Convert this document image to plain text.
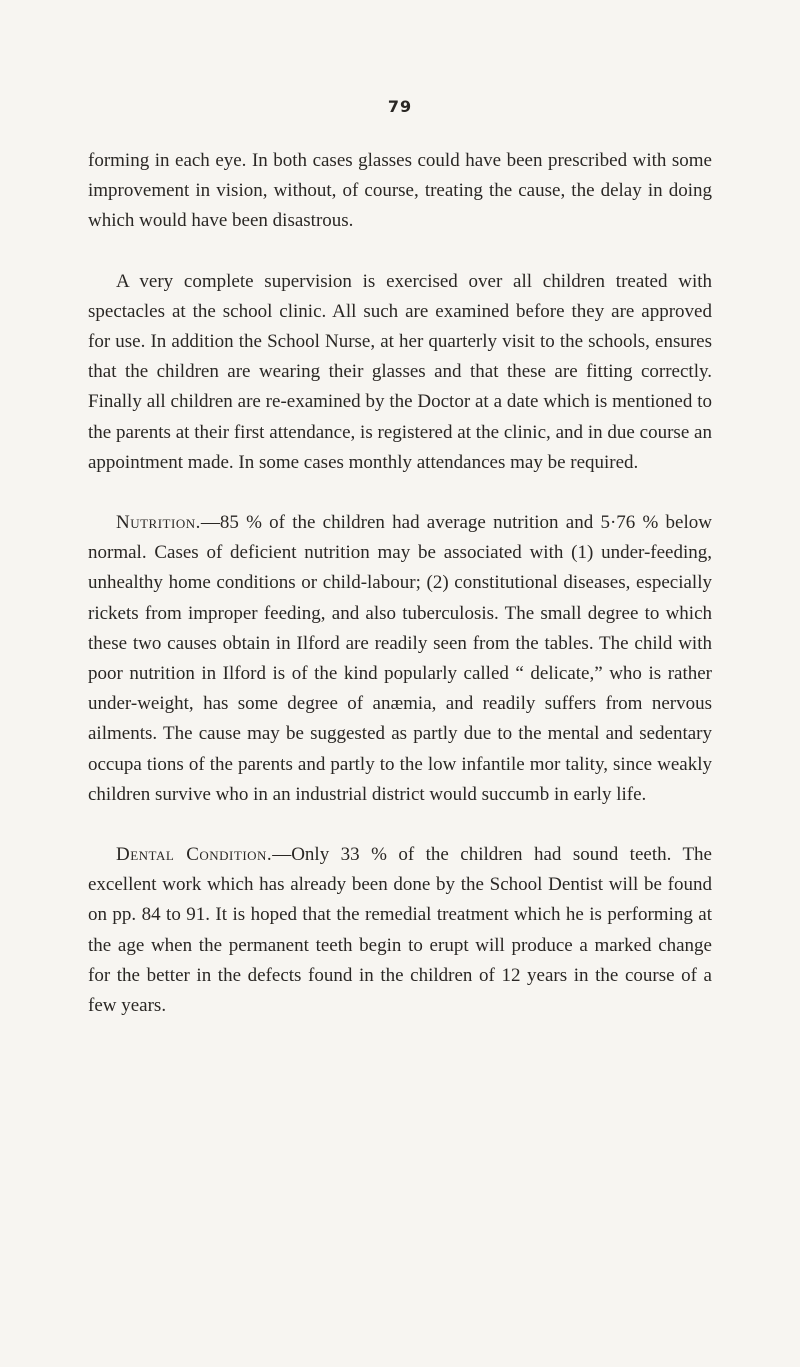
79

forming in each eye. In both cases glasses could have been prescribed with some improvement in vision, without, of course, treating the cause, the delay in doing which would have been disastrous.

A very complete supervision is exercised over all children treated with spectacles at the school clinic. All such are examined before they are approved for use. In addition the School Nurse, at her quarterly visit to the schools, ensures that the children are wearing their glasses and that these are fitting correctly. Finally all children are re-examined by the Doctor at a date which is mentioned to the parents at their first attendance, is registered at the clinic, and in due course an appointment made. In some cases monthly attendances may be required.

Nutrition.—85 % of the children had average nutrition and 5·76 % below normal. Cases of deficient nutrition may be associated with (1) under-feeding, unhealthy home conditions or child-labour; (2) constitutional diseases, especially rickets from improper feeding, and also tuberculosis. The small degree to which these two causes obtain in Ilford are readily seen from the tables. The child with poor nutrition in Ilford is of the kind popularly called “ delicate,” who is rather under-weight, has some degree of anæmia, and readily suffers from nervous ailments. The cause may be suggested as partly due to the mental and sedentary occupa tions of the parents and partly to the low infantile mor tality, since weakly children survive who in an industrial district would succumb in early life.

Dental Condition.—Only 33 % of the children had sound teeth. The excellent work which has already been done by the School Dentist will be found on pp. 84 to 91. It is hoped that the remedial treatment which he is performing at the age when the permanent teeth begin to erupt will produce a marked change for the better in the defects found in the children of 12 years in the course of a few years.
